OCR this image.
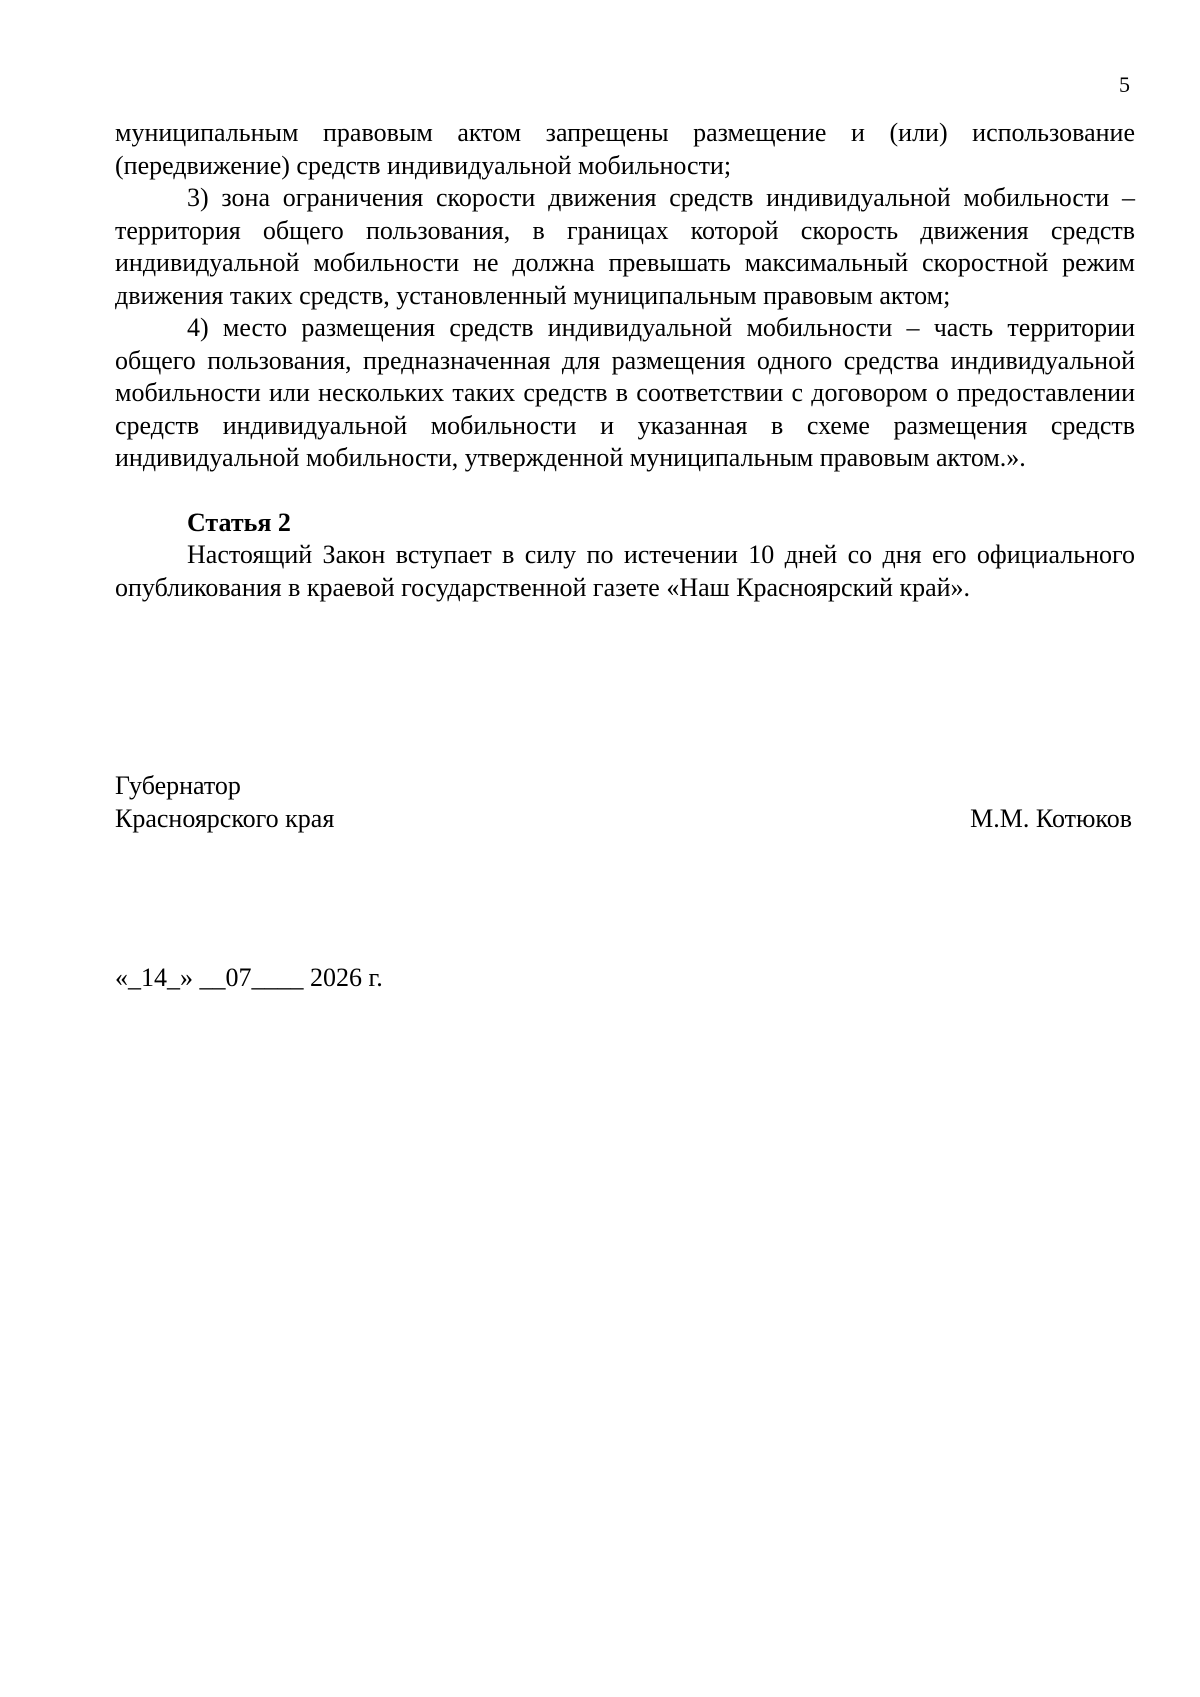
5

муниципальным правовым актом запрещены размещение и (или) использование (передвижение) средств индивидуальной мобильности;

3) зона ограничения скорости движения средств индивидуальной мобильности – территория общего пользования, в границах которой скорость движения средств индивидуальной мобильности не должна превышать максимальный скоростной режим движения таких средств, установленный муниципальным правовым актом;

4) место размещения средств индивидуальной мобильности – часть территории общего пользования, предназначенная для размещения одного средства индивидуальной мобильности или нескольких таких средств в соответствии с договором о предоставлении средств индивидуальной мобильности и указанная в схеме размещения средств индивидуальной мобильности, утвержденной муниципальным правовым актом.».

Статья 2

Настоящий Закон вступает в силу по истечении 10 дней со дня его официального опубликования в краевой государственной газете «Наш Красноярский край».

Губернатор
Красноярского края	М.М. Котюков
«_14_» __07____ 2026 г.
